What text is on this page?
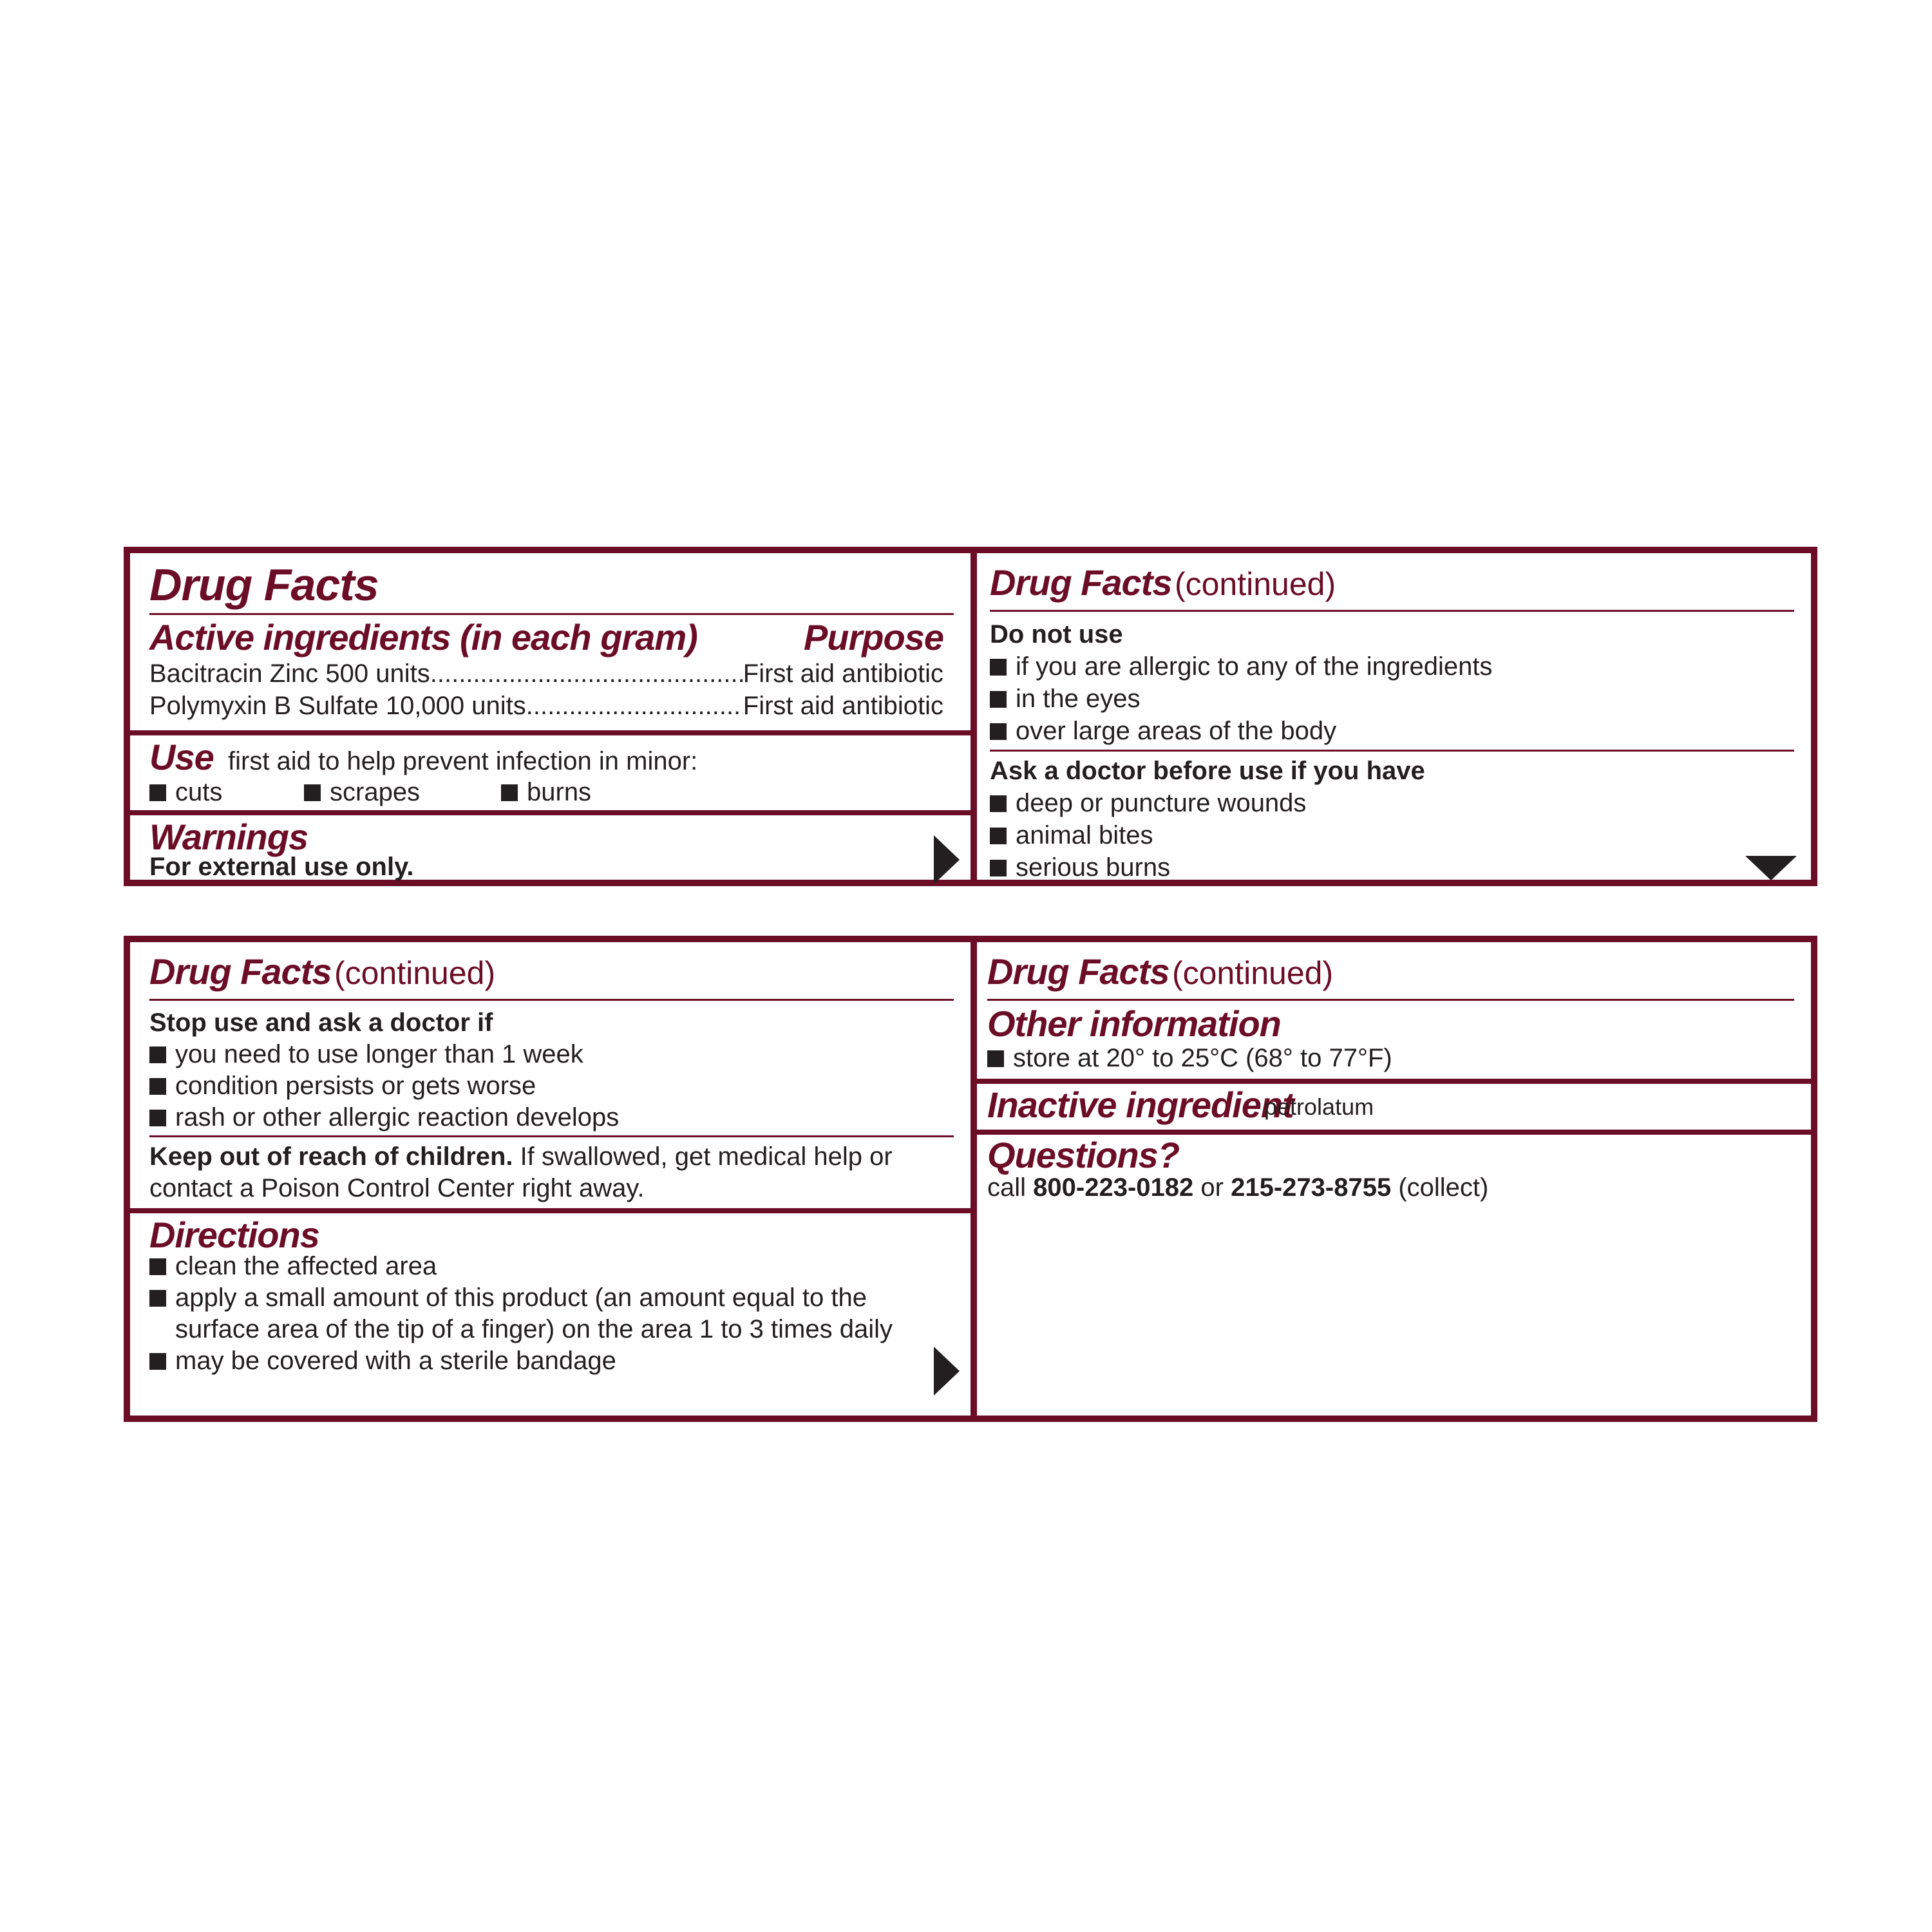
Drug Facts
Active ingredients (in each gram)	Purpose
Bacitracin Zinc 500 units .....	First aid antibiotic
Polymyxin B Sulfate 10,000 units .....	First aid antibiotic
Use first aid to help prevent infection in minor:
cuts	scrapes	burns
Warnings
For external use only.
Drug Facts (continued)
Do not use
if you are allergic to any of the ingredients
in the eyes
over large areas of the body
Ask a doctor before use if you have
deep or puncture wounds
animal bites
serious burns
Drug Facts (continued)
Stop use and ask a doctor if
you need to use longer than 1 week
condition persists or gets worse
rash or other allergic reaction develops
Keep out of reach of children. If swallowed, get medical help or
contact a Poison Control Center right away.
Directions
clean the affected area
apply a small amount of this product (an amount equal to the
surface area of the tip of a finger) on the area 1 to 3 times daily
may be covered with a sterile bandage
Drug Facts (continued)
Other information
store at 20° to 25°C (68° to 77°F)
Inactive ingredient
petrolatum
Questions?
call 800-223-0182 or 215-273-8755 (collect)
